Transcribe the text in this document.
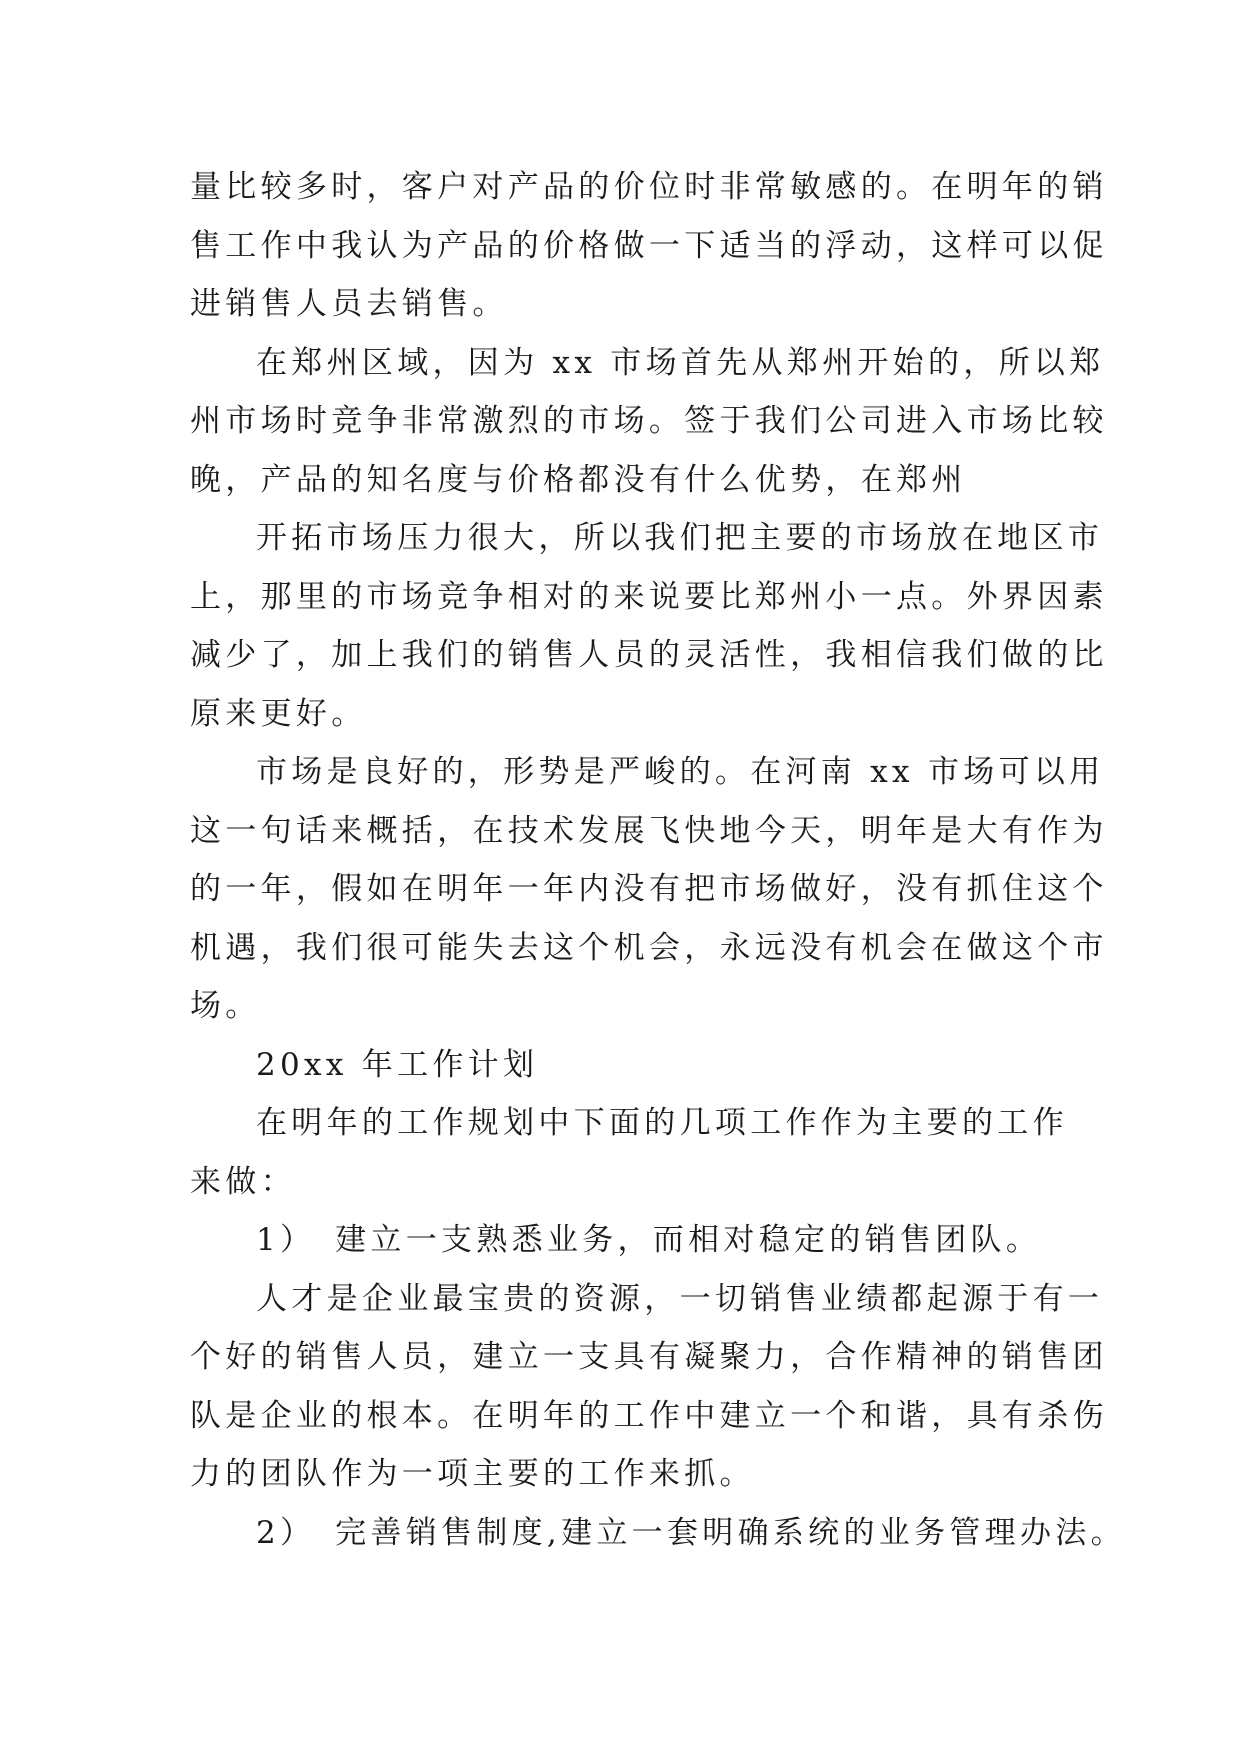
量比较多时，客户对产品的价位时非常敏感的。在明年的销
售工作中我认为产品的价格做一下适当的浮动，这样可以促
进销售人员去销售。
在郑州区域，因为 xx 市场首先从郑州开始的，所以郑
州市场时竞争非常激烈的市场。签于我们公司进入市场比较
晚，产品的知名度与价格都没有什么优势，在郑州
开拓市场压力很大，所以我们把主要的市场放在地区市
上，那里的市场竞争相对的来说要比郑州小一点。外界因素
减少了，加上我们的销售人员的灵活性，我相信我们做的比
原来更好。
市场是良好的，形势是严峻的。在河南 xx 市场可以用
这一句话来概括，在技术发展飞快地今天，明年是大有作为
的一年，假如在明年一年内没有把市场做好，没有抓住这个
机遇，我们很可能失去这个机会，永远没有机会在做这个市
场。
20xx 年工作计划
在明年的工作规划中下面的几项工作作为主要的工作
来做：
1）　建立一支熟悉业务，而相对稳定的销售团队。
人才是企业最宝贵的资源，一切销售业绩都起源于有一
个好的销售人员，建立一支具有凝聚力，合作精神的销售团
队是企业的根本。在明年的工作中建立一个和谐，具有杀伤
力的团队作为一项主要的工作来抓。
2）　完善销售制度,建立一套明确系统的业务管理办法。
